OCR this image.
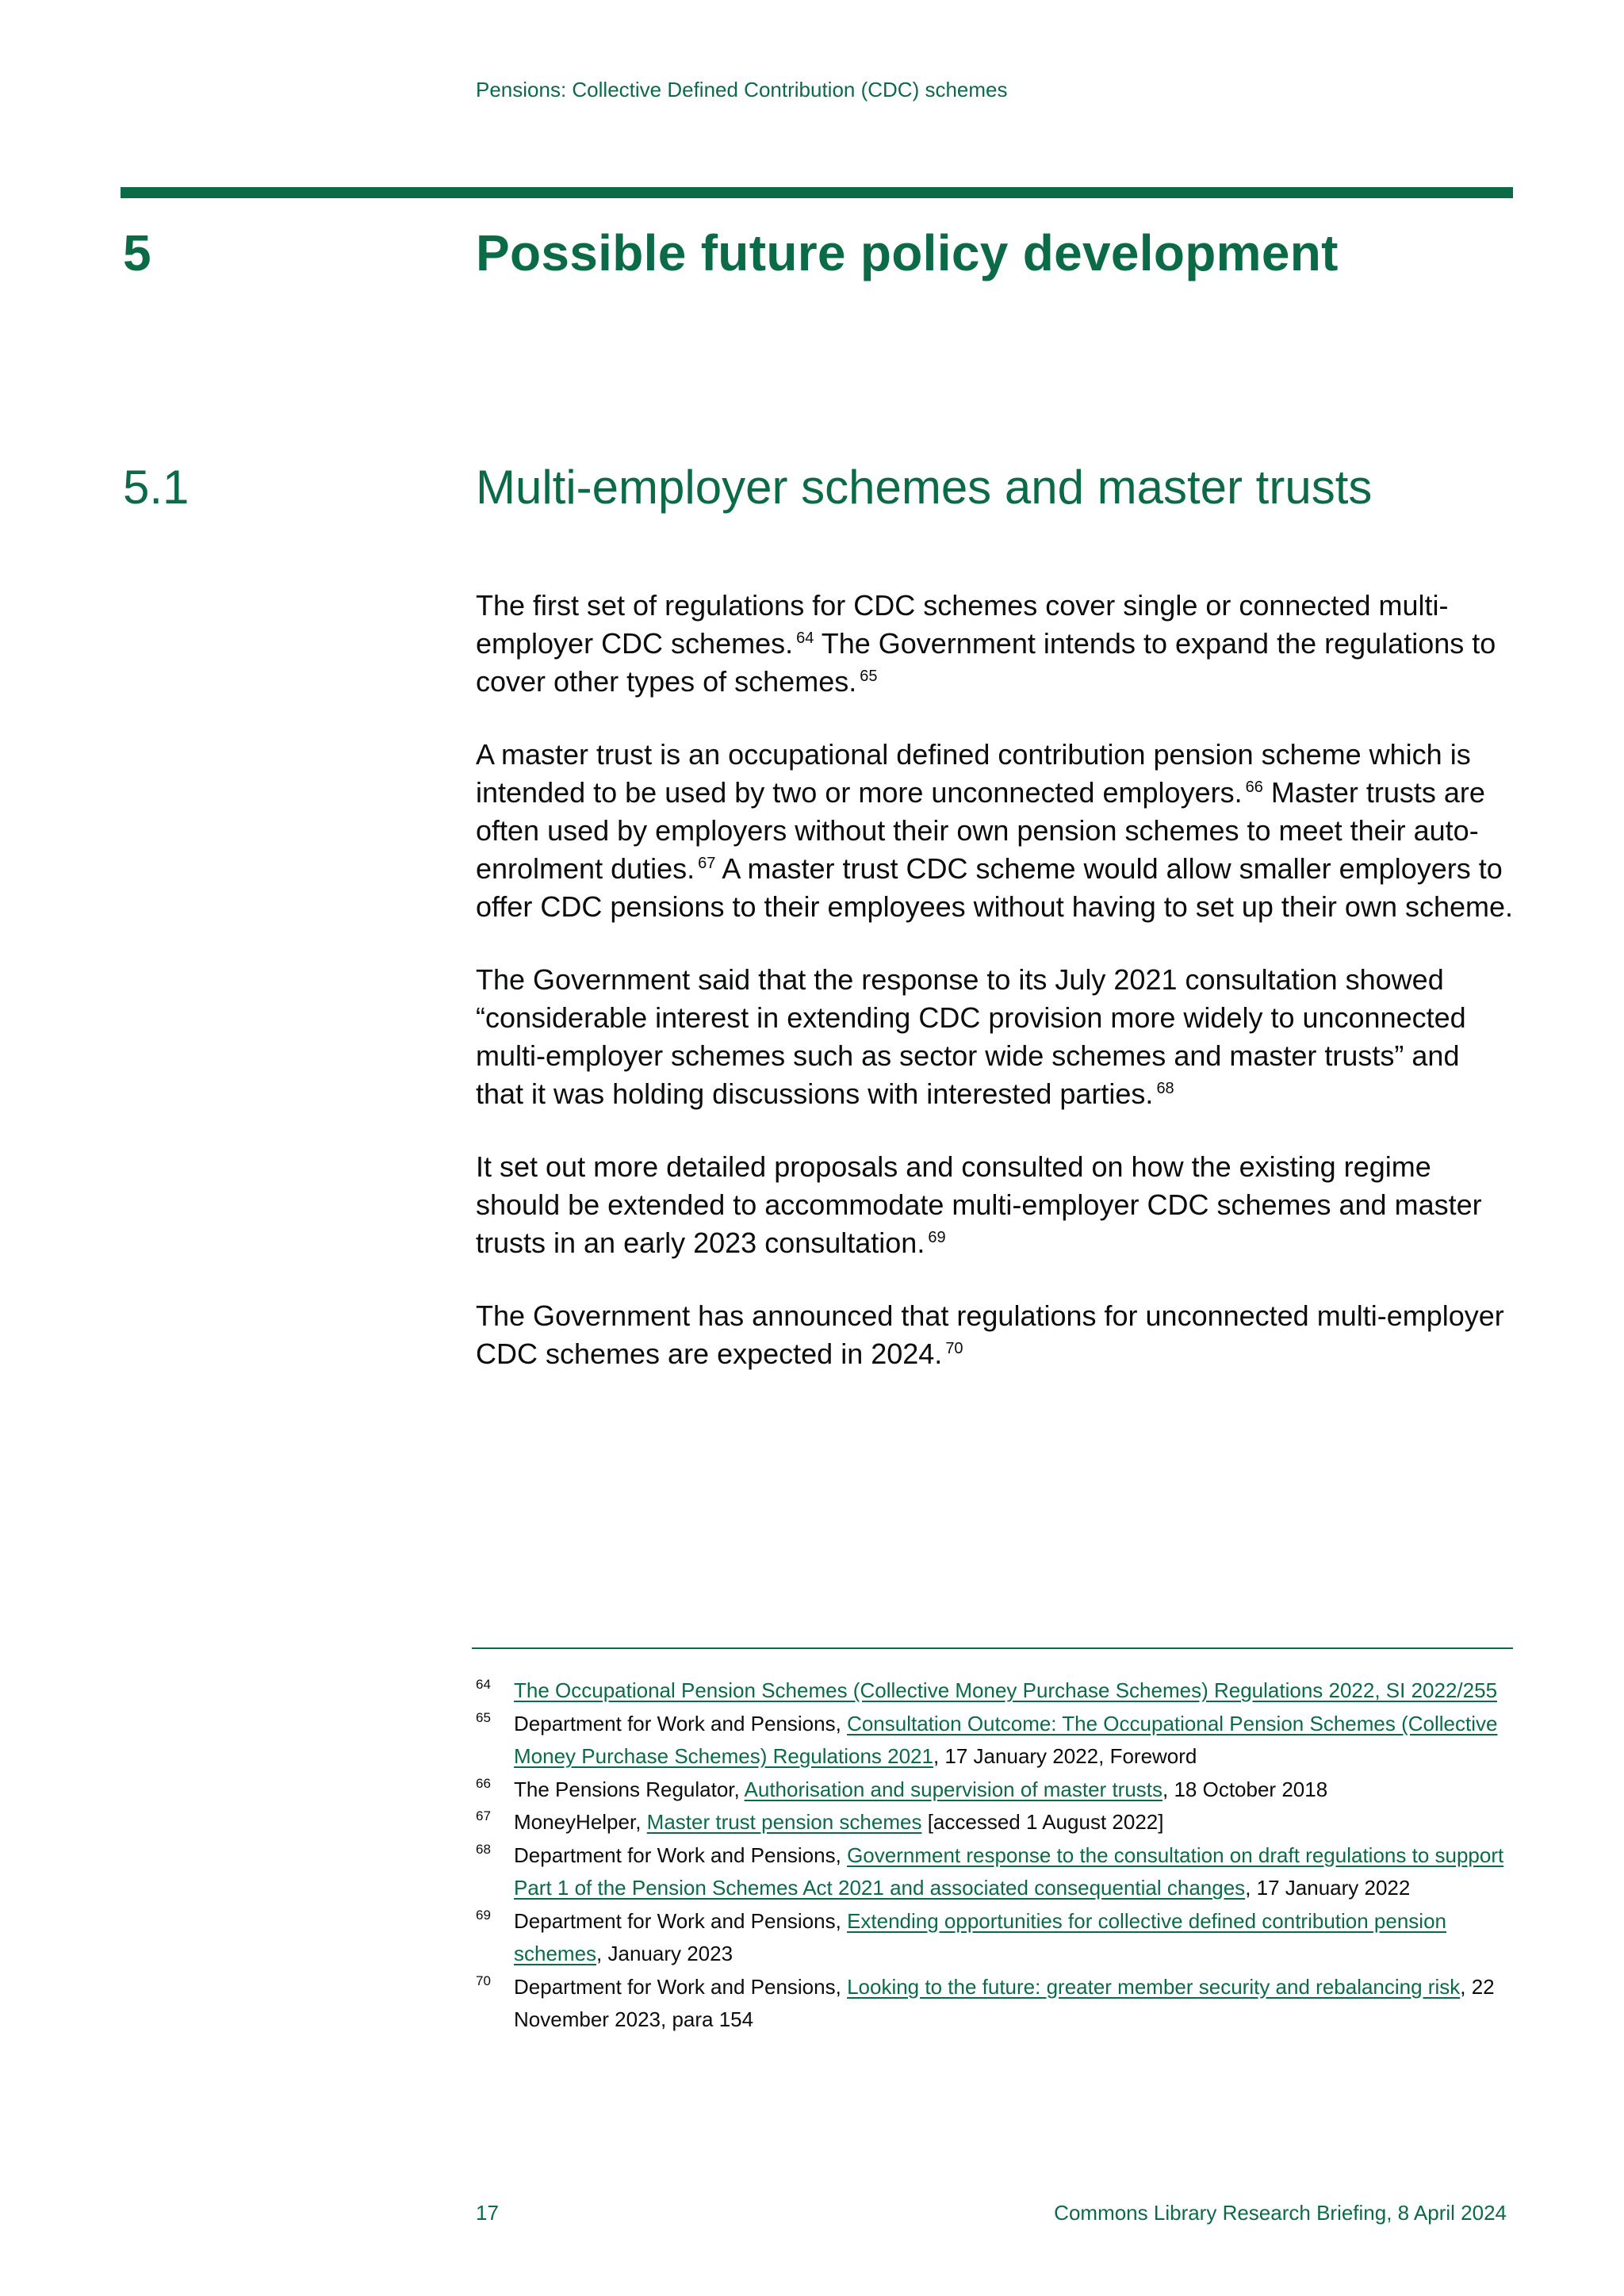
Pensions: Collective Defined Contribution (CDC) schemes
5	Possible future policy development
5.1	Multi-employer schemes and master trusts

The first set of regulations for CDC schemes cover single or connected multi-employer CDC schemes. $^{64}$ The Government intends to expand the regulations to cover other types of schemes. $^{65}$

A master trust is an occupational defined contribution pension scheme which is intended to be used by two or more unconnected employers. $^{66}$ Master trusts are often used by employers without their own pension schemes to meet their auto-enrolment duties. $^{67}$ A master trust CDC scheme would allow smaller employers to offer CDC pensions to their employees without having to set up their own scheme.

The Government said that the response to its July 2021 consultation showed “considerable interest in extending CDC provision more widely to unconnected multi-employer schemes such as sector wide schemes and master trusts” and that it was holding discussions with interested parties. $^{68}$

It set out more detailed proposals and consulted on how the existing regime should be extended to accommodate multi-employer CDC schemes and master trusts in an early 2023 consultation. $^{69}$

The Government has announced that regulations for unconnected multi-employer CDC schemes are expected in 2024. $^{70}$

64 The Occupational Pension Schemes (Collective Money Purchase Schemes) Regulations 2022, SI 2022/255
65 Department for Work and Pensions, Consultation Outcome: The Occupational Pension Schemes (Collective Money Purchase Schemes) Regulations 2021, 17 January 2022, Foreword
66 The Pensions Regulator, Authorisation and supervision of master trusts, 18 October 2018
67 MoneyHelper, Master trust pension schemes [accessed 1 August 2022]
68 Department for Work and Pensions, Government response to the consultation on draft regulations to support Part 1 of the Pension Schemes Act 2021 and associated consequential changes, 17 January 2022
69 Department for Work and Pensions, Extending opportunities for collective defined contribution pension schemes, January 2023
70 Department for Work and Pensions, Looking to the future: greater member security and rebalancing risk, 22 November 2023, para 154
17	Commons Library Research Briefing, 8 April 2024
